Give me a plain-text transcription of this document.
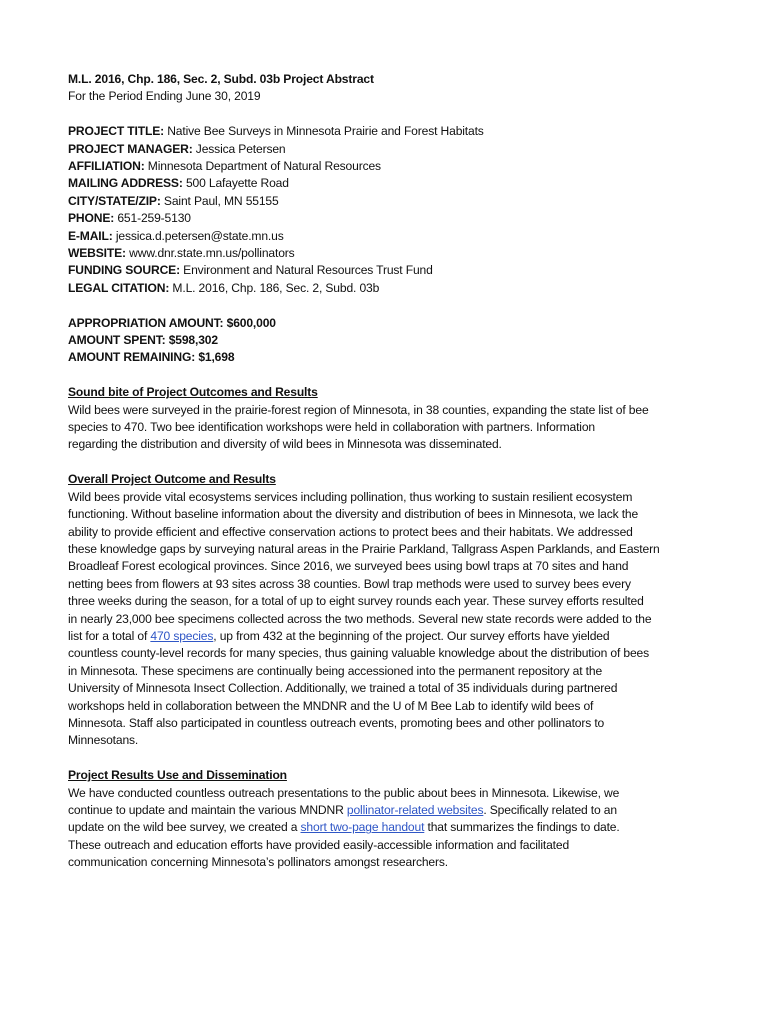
M.L. 2016, Chp. 186, Sec. 2, Subd. 03b Project Abstract
For the Period Ending June 30, 2019
PROJECT TITLE: Native Bee Surveys in Minnesota Prairie and Forest Habitats
PROJECT MANAGER: Jessica Petersen
AFFILIATION: Minnesota Department of Natural Resources
MAILING ADDRESS: 500 Lafayette Road
CITY/STATE/ZIP: Saint Paul, MN 55155
PHONE: 651-259-5130
E-MAIL: jessica.d.petersen@state.mn.us
WEBSITE: www.dnr.state.mn.us/pollinators
FUNDING SOURCE: Environment and Natural Resources Trust Fund
LEGAL CITATION: M.L. 2016, Chp. 186, Sec. 2, Subd. 03b
APPROPRIATION AMOUNT: $600,000
AMOUNT SPENT: $598,302
AMOUNT REMAINING: $1,698
Sound bite of Project Outcomes and Results
Wild bees were surveyed in the prairie-forest region of Minnesota, in 38 counties, expanding the state list of bee
species to 470. Two bee identification workshops were held in collaboration with partners. Information
regarding the distribution and diversity of wild bees in Minnesota was disseminated.
Overall Project Outcome and Results
Wild bees provide vital ecosystems services including pollination, thus working to sustain resilient ecosystem
functioning. Without baseline information about the diversity and distribution of bees in Minnesota, we lack the
ability to provide efficient and effective conservation actions to protect bees and their habitats. We addressed
these knowledge gaps by surveying natural areas in the Prairie Parkland, Tallgrass Aspen Parklands, and Eastern
Broadleaf Forest ecological provinces. Since 2016, we surveyed bees using bowl traps at 70 sites and hand
netting bees from flowers at 93 sites across 38 counties. Bowl trap methods were used to survey bees every
three weeks during the season, for a total of up to eight survey rounds each year. These survey efforts resulted
in nearly 23,000 bee specimens collected across the two methods. Several new state records were added to the
list for a total of 470 species, up from 432 at the beginning of the project. Our survey efforts have yielded
countless county-level records for many species, thus gaining valuable knowledge about the distribution of bees
in Minnesota. These specimens are continually being accessioned into the permanent repository at the
University of Minnesota Insect Collection. Additionally, we trained a total of 35 individuals during partnered
workshops held in collaboration between the MNDNR and the U of M Bee Lab to identify wild bees of
Minnesota. Staff also participated in countless outreach events, promoting bees and other pollinators to
Minnesotans.
Project Results Use and Dissemination
We have conducted countless outreach presentations to the public about bees in Minnesota. Likewise, we
continue to update and maintain the various MNDNR pollinator-related websites. Specifically related to an
update on the wild bee survey, we created a short two-page handout that summarizes the findings to date.
These outreach and education efforts have provided easily-accessible information and facilitated
communication concerning Minnesota’s pollinators amongst researchers.
